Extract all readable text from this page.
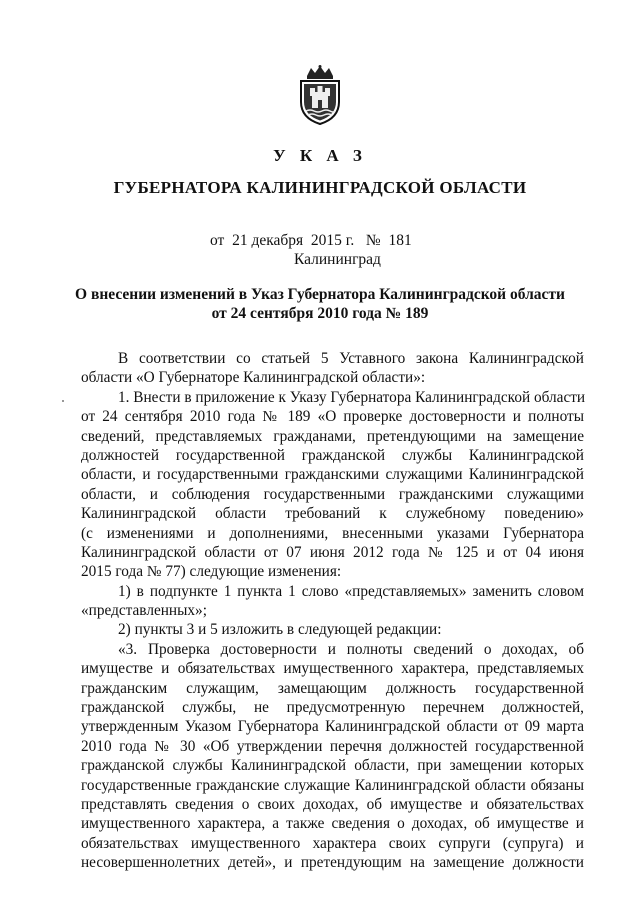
У К А З
ГУБЕРНАТОРА КАЛИНИНГРАДСКОЙ ОБЛАСТИ
от 21 декабря  2015 г. № 181
Калининград
О внесении изменений в Указ Губернатора Калининградской области
от 24 сентября 2010 года № 189
В соответствии со статьей 5 Уставного закона Калининградской
области «О Губернаторе Калининградской области»:
1. Внести в приложение к Указу Губернатора Калининградской области
от 24 сентября 2010 года № 189 «О проверке достоверности и полноты
сведений, представляемых гражданами, претендующими на замещение
должностей государственной гражданской службы Калининградской
области, и государственными гражданскими служащими Калининградской
области, и соблюдения государственными гражданскими служащими
Калининградской области требований к служебному поведению»
(с изменениями и дополнениями, внесенными указами Губернатора
Калининградской области от 07 июня 2012 года № 125 и от 04 июня
2015 года № 77) следующие изменения:
1) в подпункте 1 пункта 1 слово «представляемых» заменить словом
«представленных»;
2) пункты 3 и 5 изложить в следующей редакции:
«3. Проверка достоверности и полноты сведений о доходах, об
имуществе и обязательствах имущественного характера, представляемых
гражданским служащим, замещающим должность государственной
гражданской службы, не предусмотренную перечнем должностей,
утвержденным Указом Губернатора Калининградской области от 09 марта
2010 года № 30 «Об утверждении перечня должностей государственной
гражданской службы Калининградской области, при замещении которых
государственные гражданские служащие Калининградской области обязаны
представлять сведения о своих доходах, об имуществе и обязательствах
имущественного характера, а также сведения о доходах, об имуществе и
обязательствах имущественного характера своих супруги (супруга) и
несовершеннолетних детей», и претендующим на замещение должности
